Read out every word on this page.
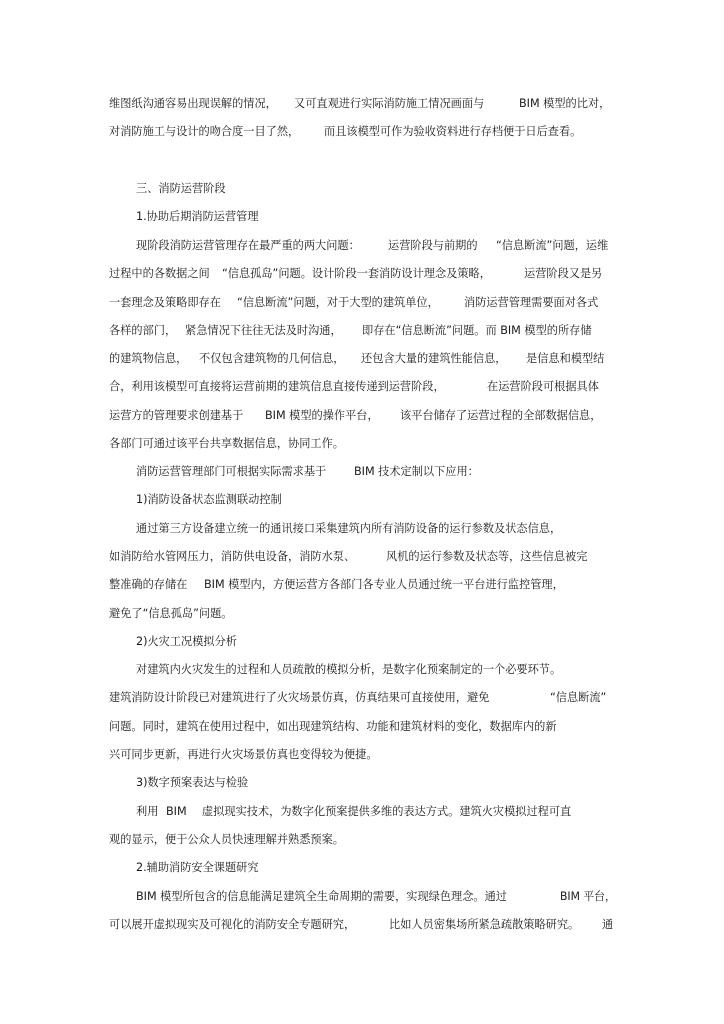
维图纸沟通容易出现误解的情况， 又可直观进行实际消防施工情况画面与	BIM 模型的比对，
对消防施工与设计的吻合度一目了然， 而且该模型可作为验收资料进行存档便于日后查看。
三、消防运营阶段
1.协助后期消防运营管理
现阶段消防运营管理存在最严重的两大问题：	运营阶段与前期的 “信息断流”问题，运维
过程中的各数据之间 “信息孤岛”问题。设计阶段一套消防设计理念及策略，	运营阶段又是另
一套理念及策略即存在 “信息断流”问题，对于大型的建筑单位， 消防运营管理需要面对各式
各样的部门， 紧急情况下往往无法及时沟通， 即存在“信息断流”问题。而 BIM 模型的所存储
的建筑物信息， 不仅包含建筑物的几何信息， 还包含大量的建筑性能信息， 是信息和模型结
合，利用该模型可直接将运营前期的建筑信息直接传递到运营阶段，	在运营阶段可根据具体
运营方的管理要求创建基于 BIM 模型的操作平台， 该平台储存了运营过程的全部数据信息，
各部门可通过该平台共享数据信息，协同工作。
消防运营管理部门可根据实际需求基于 BIM 技术定制以下应用：
1)消防设备状态监测联动控制
通过第三方设备建立统一的通讯接口采集建筑内所有消防设备的运行参数及状态信息，
如消防给水管网压力，消防供电设备，消防水泵、	风机的运行参数及状态等，这些信息被完
整准确的存储在 BIM 模型内，方便运营方各部门各专业人员通过统一平台进行监控管理，
避免了“信息孤岛”问题。
2)火灾工况模拟分析
对建筑内火灾发生的过程和人员疏散的模拟分析，是数字化预案制定的一个必要环节。
建筑消防设计阶段已对建筑进行了火灾场景仿真，仿真结果可直接使用，避免	“信息断流”
问题。同时，建筑在使用过程中，如出现建筑结构、功能和建筑材料的变化，数据库内的新
兴可同步更新，再进行火灾场景仿真也变得较为便捷。
3)数字预案表达与检验
利用 BIM 虚拟现实技术，为数字化预案提供多维的表达方式。建筑火灾模拟过程可直
观的显示，便于公众人员快速理解并熟悉预案。
2.辅助消防安全课题研究
BIM 模型所包含的信息能满足建筑全生命周期的需要，实现绿色理念。通过	BIM 平台，
可以展开虚拟现实及可视化的消防安全专题研究，	比如人员密集场所紧急疏散策略研究。 通
